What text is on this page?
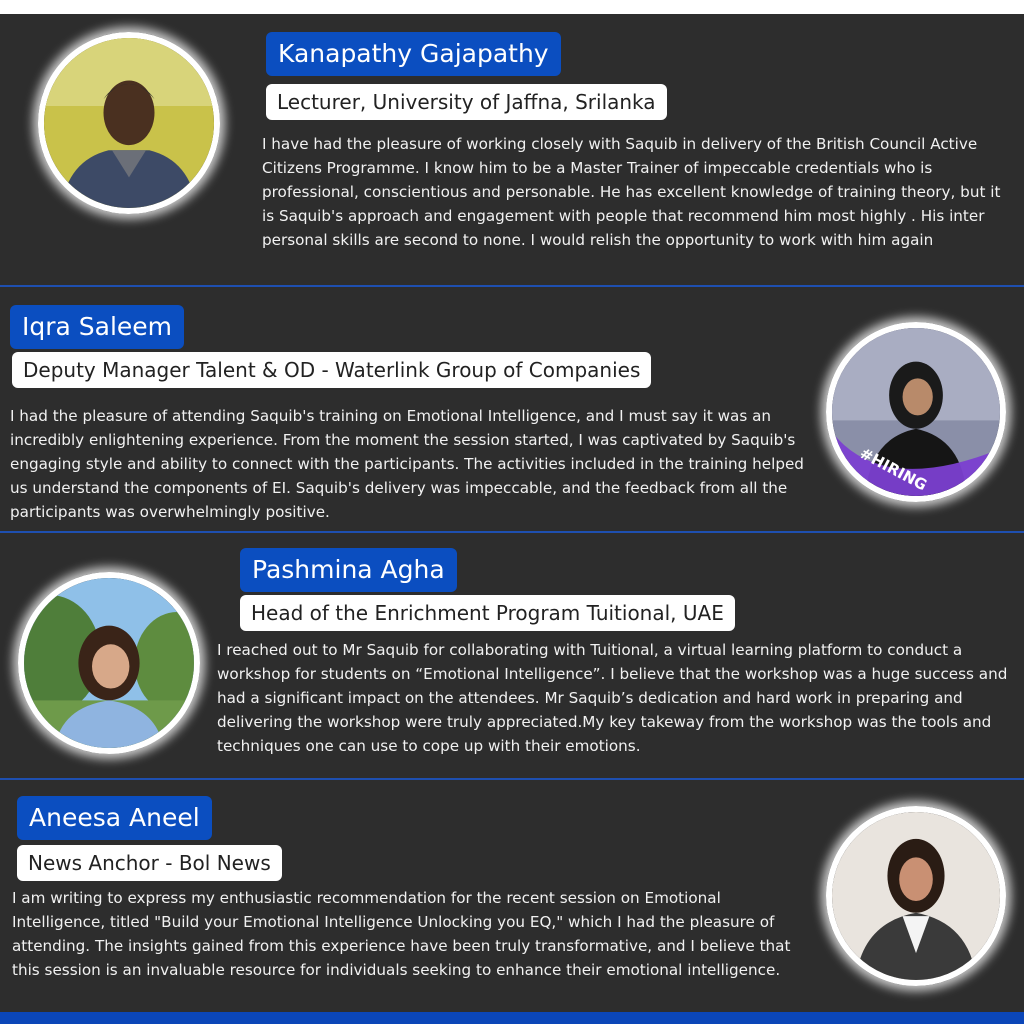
Kanapathy Gajapathy
Lecturer, University of Jaffna, Srilanka

I have had the pleasure of working closely with Saquib in delivery of the British Council Active Citizens Programme. I know him to be a Master Trainer of impeccable credentials who is professional, conscientious and personable. He has excellent knowledge of training theory, but it is Saquib's approach and engagement with people that recommend him most highly . His inter personal skills are second to none. I would relish the opportunity to work with him again

Iqra Saleem
Deputy Manager Talent & OD - Waterlink Group of Companies

I had the pleasure of attending Saquib's training on Emotional Intelligence, and I must say it was an incredibly enlightening experience. From the moment the session started, I was captivated by Saquib's engaging style and ability to connect with the participants. The activities included in the training helped us understand the components of EI. Saquib's delivery was impeccable, and the feedback from all the participants was overwhelmingly positive.

#HIRING
Pashmina Agha
Head of the Enrichment Program Tuitional, UAE

I reached out to Mr Saquib for collaborating with Tuitional, a virtual learning platform to conduct a workshop for students on “Emotional Intelligence”. I believe that the workshop was a huge success and had a significant impact on the attendees. Mr Saquib’s dedication and hard work in preparing and delivering the workshop were truly appreciated.My key takeway from the workshop was the tools and techniques one can use to cope up with their emotions.

Aneesa Aneel
News Anchor - Bol News

I am writing to express my enthusiastic recommendation for the recent session on Emotional Intelligence, titled "Build your Emotional Intelligence Unlocking you EQ," which I had the pleasure of attending. The insights gained from this experience have been truly transformative, and I believe that this session is an invaluable resource for individuals seeking to enhance their emotional intelligence.
